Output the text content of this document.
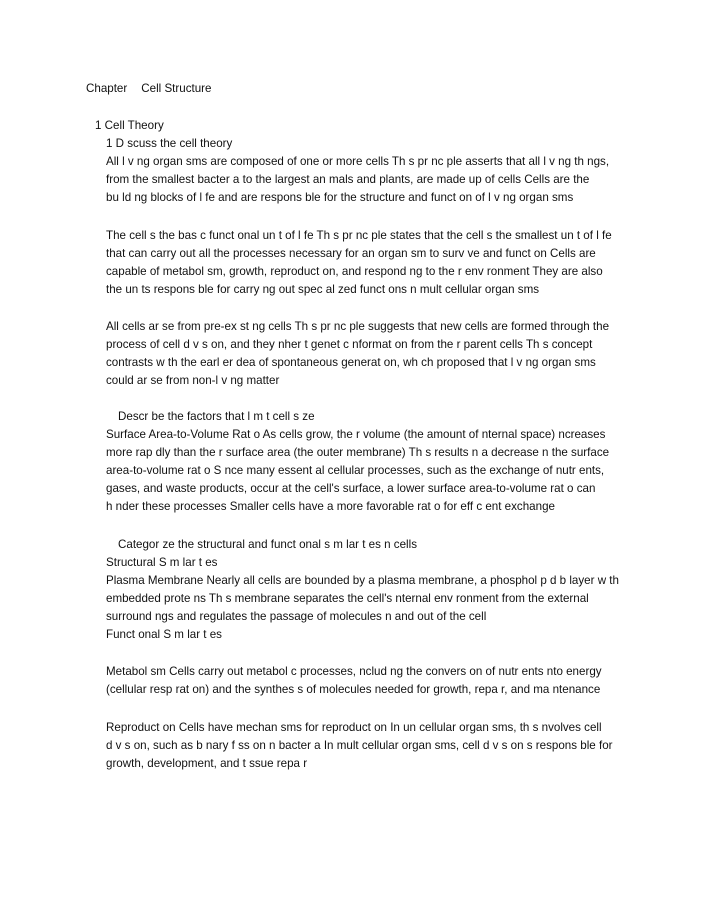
Chapter Cell Structure
1 Cell Theory
1 D scuss the cell theory
All l v ng organ sms are composed of one or more cells Th s pr nc ple asserts that all l v ng th ngs,
from the smallest bacter a to the largest an mals and plants, are made up of cells Cells are the
bu ld ng blocks of l fe and are respons ble for the structure and funct on of l v ng organ sms
The cell s the bas c funct onal un t of l fe Th s pr nc ple states that the cell s the smallest un t of l fe
that can carry out all the processes necessary for an organ sm to surv ve and funct on Cells are
capable of metabol sm, growth, reproduct on, and respond ng to the r env ronment They are also
the un ts respons ble for carry ng out spec al zed funct ons n mult cellular organ sms
All cells ar se from pre-ex st ng cells Th s pr nc ple suggests that new cells are formed through the
process of cell d v s on, and they nher t genet c nformat on from the r parent cells Th s concept
contrasts w th the earl er dea of spontaneous generat on, wh ch proposed that l v ng organ sms
could ar se from non-l v ng matter
Descr be the factors that l m t cell s ze
Surface Area-to-Volume Rat o As cells grow, the r volume (the amount of nternal space) ncreases
more rap dly than the r surface area (the outer membrane) Th s results n a decrease n the surface
area-to-volume rat o S nce many essent al cellular processes, such as the exchange of nutr ents,
gases, and waste products, occur at the cell's surface, a lower surface area-to-volume rat o can
h nder these processes Smaller cells have a more favorable rat o for eff c ent exchange
Categor ze the structural and funct onal s m lar t es n cells
Structural S m lar t es
Plasma Membrane Nearly all cells are bounded by a plasma membrane, a phosphol p d b layer w th
embedded prote ns Th s membrane separates the cell's nternal env ronment from the external
surround ngs and regulates the passage of molecules n and out of the cell
Funct onal S m lar t es
Metabol sm Cells carry out metabol c processes, nclud ng the convers on of nutr ents nto energy
(cellular resp rat on) and the synthes s of molecules needed for growth, repa r, and ma ntenance
Reproduct on Cells have mechan sms for reproduct on In un cellular organ sms, th s nvolves cell
d v s on, such as b nary f ss on n bacter a In mult cellular organ sms, cell d v s on s respons ble for
growth, development, and t ssue repa r
